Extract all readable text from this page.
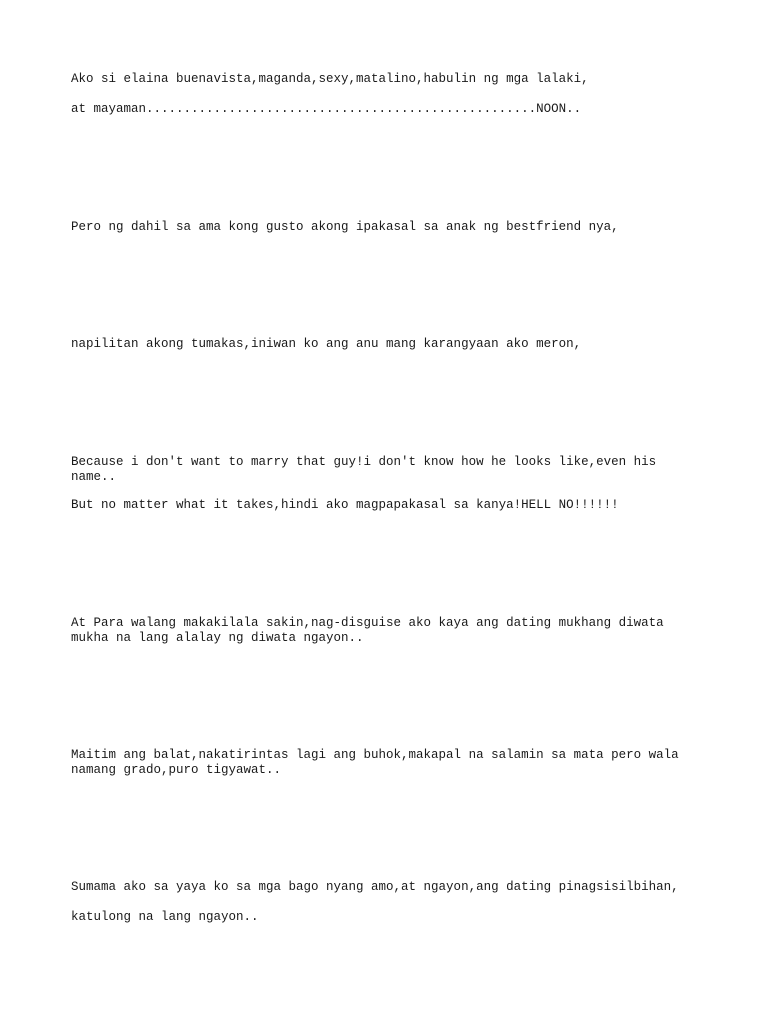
Ako si elaina buenavista,maganda,sexy,matalino,habulin ng mga lalaki,

at mayaman....................................................NOON..

Pero ng dahil sa ama kong gusto akong ipakasal sa anak ng bestfriend nya,

napilitan akong tumakas,iniwan ko ang anu mang karangyaan ako meron,

Because i don't want to marry that guy!i don't know how he looks like,even his
name..

But no matter what it takes,hindi ako magpapakasal sa kanya!HELL NO!!!!!!

At Para walang makakilala sakin,nag-disguise ako kaya ang dating mukhang diwata
mukha na lang alalay ng diwata ngayon..

Maitim ang balat,nakatirintas lagi ang buhok,makapal na salamin sa mata pero wala
namang grado,puro tigyawat..

Sumama ako sa yaya ko sa mga bago nyang amo,at ngayon,ang dating pinagsisilbihan,

katulong na lang ngayon..
